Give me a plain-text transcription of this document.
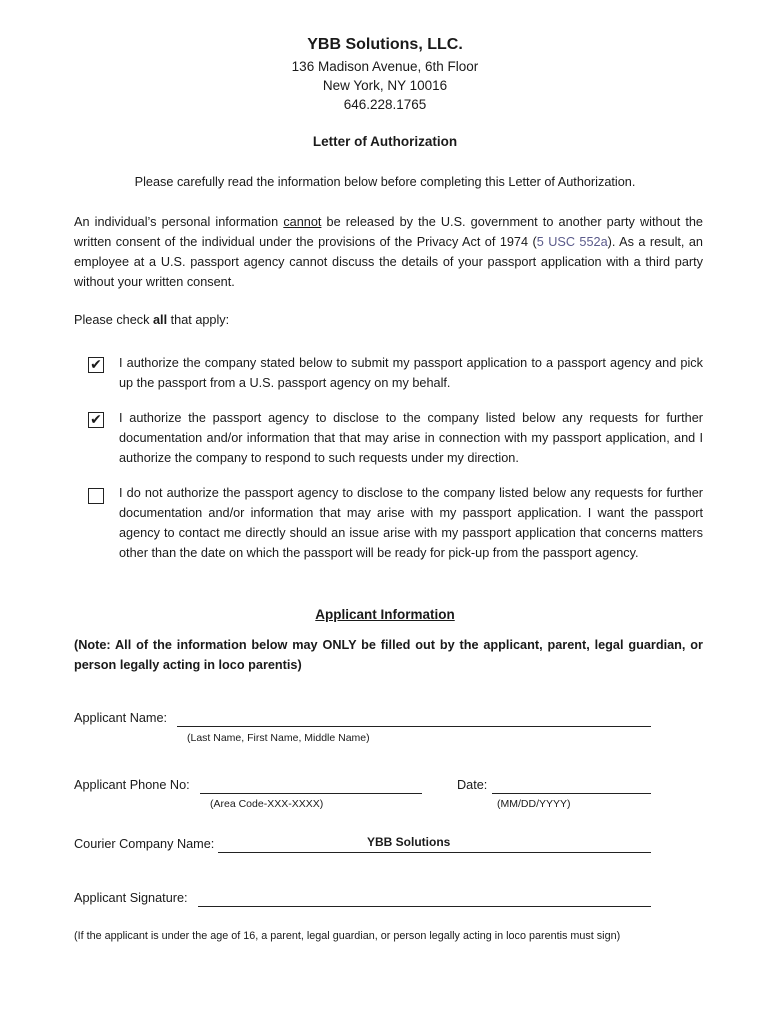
YBB Solutions, LLC.
136 Madison Avenue, 6th Floor
New York, NY 10016
646.228.1765
Letter of Authorization
Please carefully read the information below before completing this Letter of Authorization.
An individual’s personal information cannot be released by the U.S. government to another party without the written consent of the individual under the provisions of the Privacy Act of 1974 (5 USC 552a). As a result, an employee at a U.S. passport agency cannot discuss the details of your passport application with a third party without your written consent.
Please check all that apply:
✔ I authorize the company stated below to submit my passport application to a passport agency and pick up the passport from a U.S. passport agency on my behalf.
✔ I authorize the passport agency to disclose to the company listed below any requests for further documentation and/or information that that may arise in connection with my passport application, and I authorize the company to respond to such requests under my direction.
I do not authorize the passport agency to disclose to the company listed below any requests for further documentation and/or information that may arise with my passport application. I want the passport agency to contact me directly should an issue arise with my passport application that concerns matters other than the date on which the passport will be ready for pick-up from the passport agency.
Applicant Information
(Note: All of the information below may ONLY be filled out by the applicant, parent, legal guardian, or person legally acting in loco parentis)
Applicant Name:
(Last Name, First Name, Middle Name)
Applicant Phone No:
(Area Code-XXX-XXXX)
Date:
(MM/DD/YYYY)
Courier Company Name:	YBB Solutions
Applicant Signature:
(If the applicant is under the age of 16, a parent, legal guardian, or person legally acting in loco parentis must sign)
